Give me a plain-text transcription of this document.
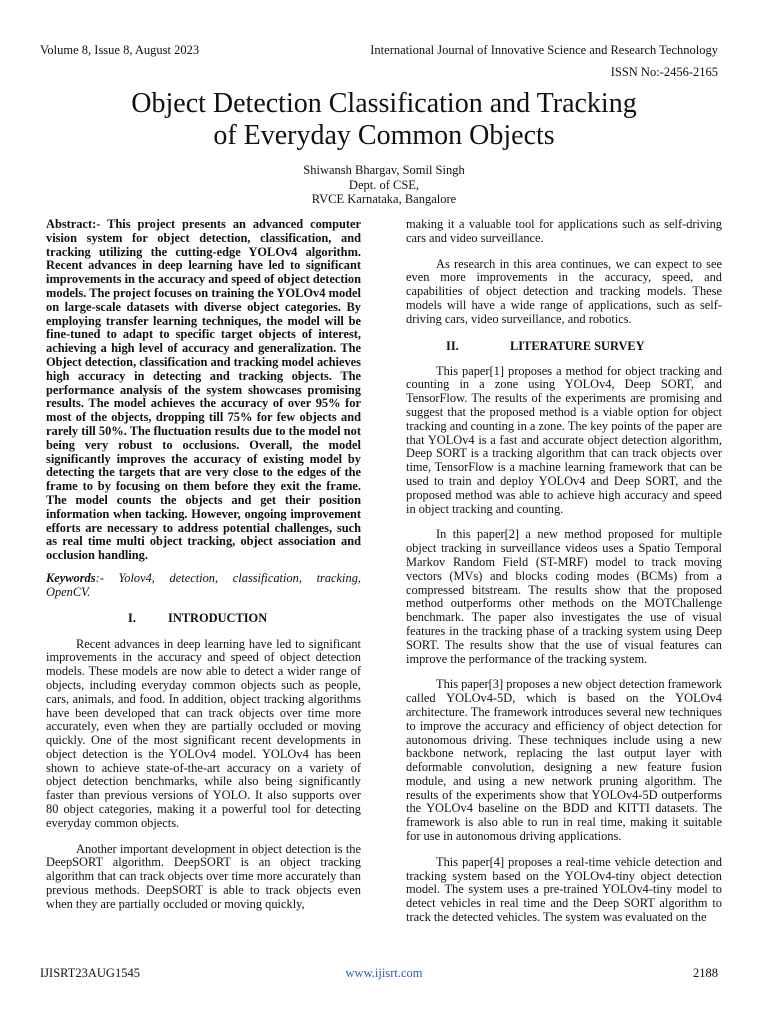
Volume 8, Issue 8, August 2023	International Journal of Innovative Science and Research Technology
ISSN No:-2456-2165
Object Detection Classification and Tracking
of Everyday Common Objects
Shiwansh Bhargav, Somil Singh
Dept. of CSE,
RVCE Karnataka, Bangalore

Abstract:- This project presents an advanced computer vision system for object detection, classification, and tracking utilizing the cutting-edge YOLOv4 algorithm. Recent advances in deep learning have led to significant improvements in the accuracy and speed of object detection models. The project focuses on training the YOLOv4 model on large-scale datasets with diverse object categories. By employing transfer learning techniques, the model will be fine-tuned to adapt to specific target objects of interest, achieving a high level of accuracy and generalization. The Object detection, classification and tracking model achieves high accuracy in detecting and tracking objects. The performance analysis of the system showcases promising results. The model achieves the accuracy of over 95% for most of the objects, dropping till 75% for few objects and rarely till 50%. The fluctuation results due to the model not being very robust to occlusions. Overall, the model significantly improves the accuracy of existing model by detecting the targets that are very close to the edges of the frame to by focusing on them before they exit the frame. The model counts the objects and get their position information when tacking. However, ongoing improvement efforts are necessary to address potential challenges, such as real time multi object tracking, object association and occlusion handling.

Keywords:- Yolov4, detection, classification, tracking, OpenCV.

I.	INTRODUCTION

Recent advances in deep learning have led to significant improvements in the accuracy and speed of object detection models. These models are now able to detect a wider range of objects, including everyday common objects such as people, cars, animals, and food. In addition, object tracking algorithms have been developed that can track objects over time more accurately, even when they are partially occluded or moving quickly. One of the most significant recent developments in object detection is the YOLOv4 model. YOLOv4 has been shown to achieve state-of-the-art accuracy on a variety of object detection benchmarks, while also being significantly faster than previous versions of YOLO. It also supports over 80 object categories, making it a powerful tool for detecting everyday common objects.

Another important development in object detection is the DeepSORT algorithm. DeepSORT is an object tracking algorithm that can track objects over time more accurately than previous methods. DeepSORT is able to track objects even when they are partially occluded or moving quickly,

making it a valuable tool for applications such as self-driving cars and video surveillance.

As research in this area continues, we can expect to see even more improvements in the accuracy, speed, and capabilities of object detection and tracking models. These models will have a wide range of applications, such as self-driving cars, video surveillance, and robotics.

II.	LITERATURE SURVEY

This paper[1] proposes a method for object tracking and counting in a zone using YOLOv4, Deep SORT, and TensorFlow. The results of the experiments are promising and suggest that the proposed method is a viable option for object tracking and counting in a zone. The key points of the paper are that YOLOv4 is a fast and accurate object detection algorithm, Deep SORT is a tracking algorithm that can track objects over time, TensorFlow is a machine learning framework that can be used to train and deploy YOLOv4 and Deep SORT, and the proposed method was able to achieve high accuracy and speed in object tracking and counting.

In this paper[2] a new method proposed for multiple object tracking in surveillance videos uses a Spatio Temporal Markov Random Field (ST-MRF) model to track moving vectors (MVs) and blocks coding modes (BCMs) from a compressed bitstream. The results show that the proposed method outperforms other methods on the MOTChallenge benchmark. The paper also investigates the use of visual features in the tracking phase of a tracking system using Deep SORT. The results show that the use of visual features can improve the performance of the tracking system.

This paper[3] proposes a new object detection framework called YOLOv4-5D, which is based on the YOLOv4 architecture. The framework introduces several new techniques to improve the accuracy and efficiency of object detection for autonomous driving. These techniques include using a new backbone network, replacing the last output layer with deformable convolution, designing a new feature fusion module, and using a new network pruning algorithm. The results of the experiments show that YOLOv4-5D outperforms the YOLOv4 baseline on the BDD and KITTI datasets. The framework is also able to run in real time, making it suitable for use in autonomous driving applications.

This paper[4] proposes a real-time vehicle detection and tracking system based on the YOLOv4-tiny object detection model. The system uses a pre-trained YOLOv4-tiny model to detect vehicles in real time and the Deep SORT algorithm to track the detected vehicles. The system was evaluated on the

IJISRT23AUG1545	www.ijisrt.com	2188
